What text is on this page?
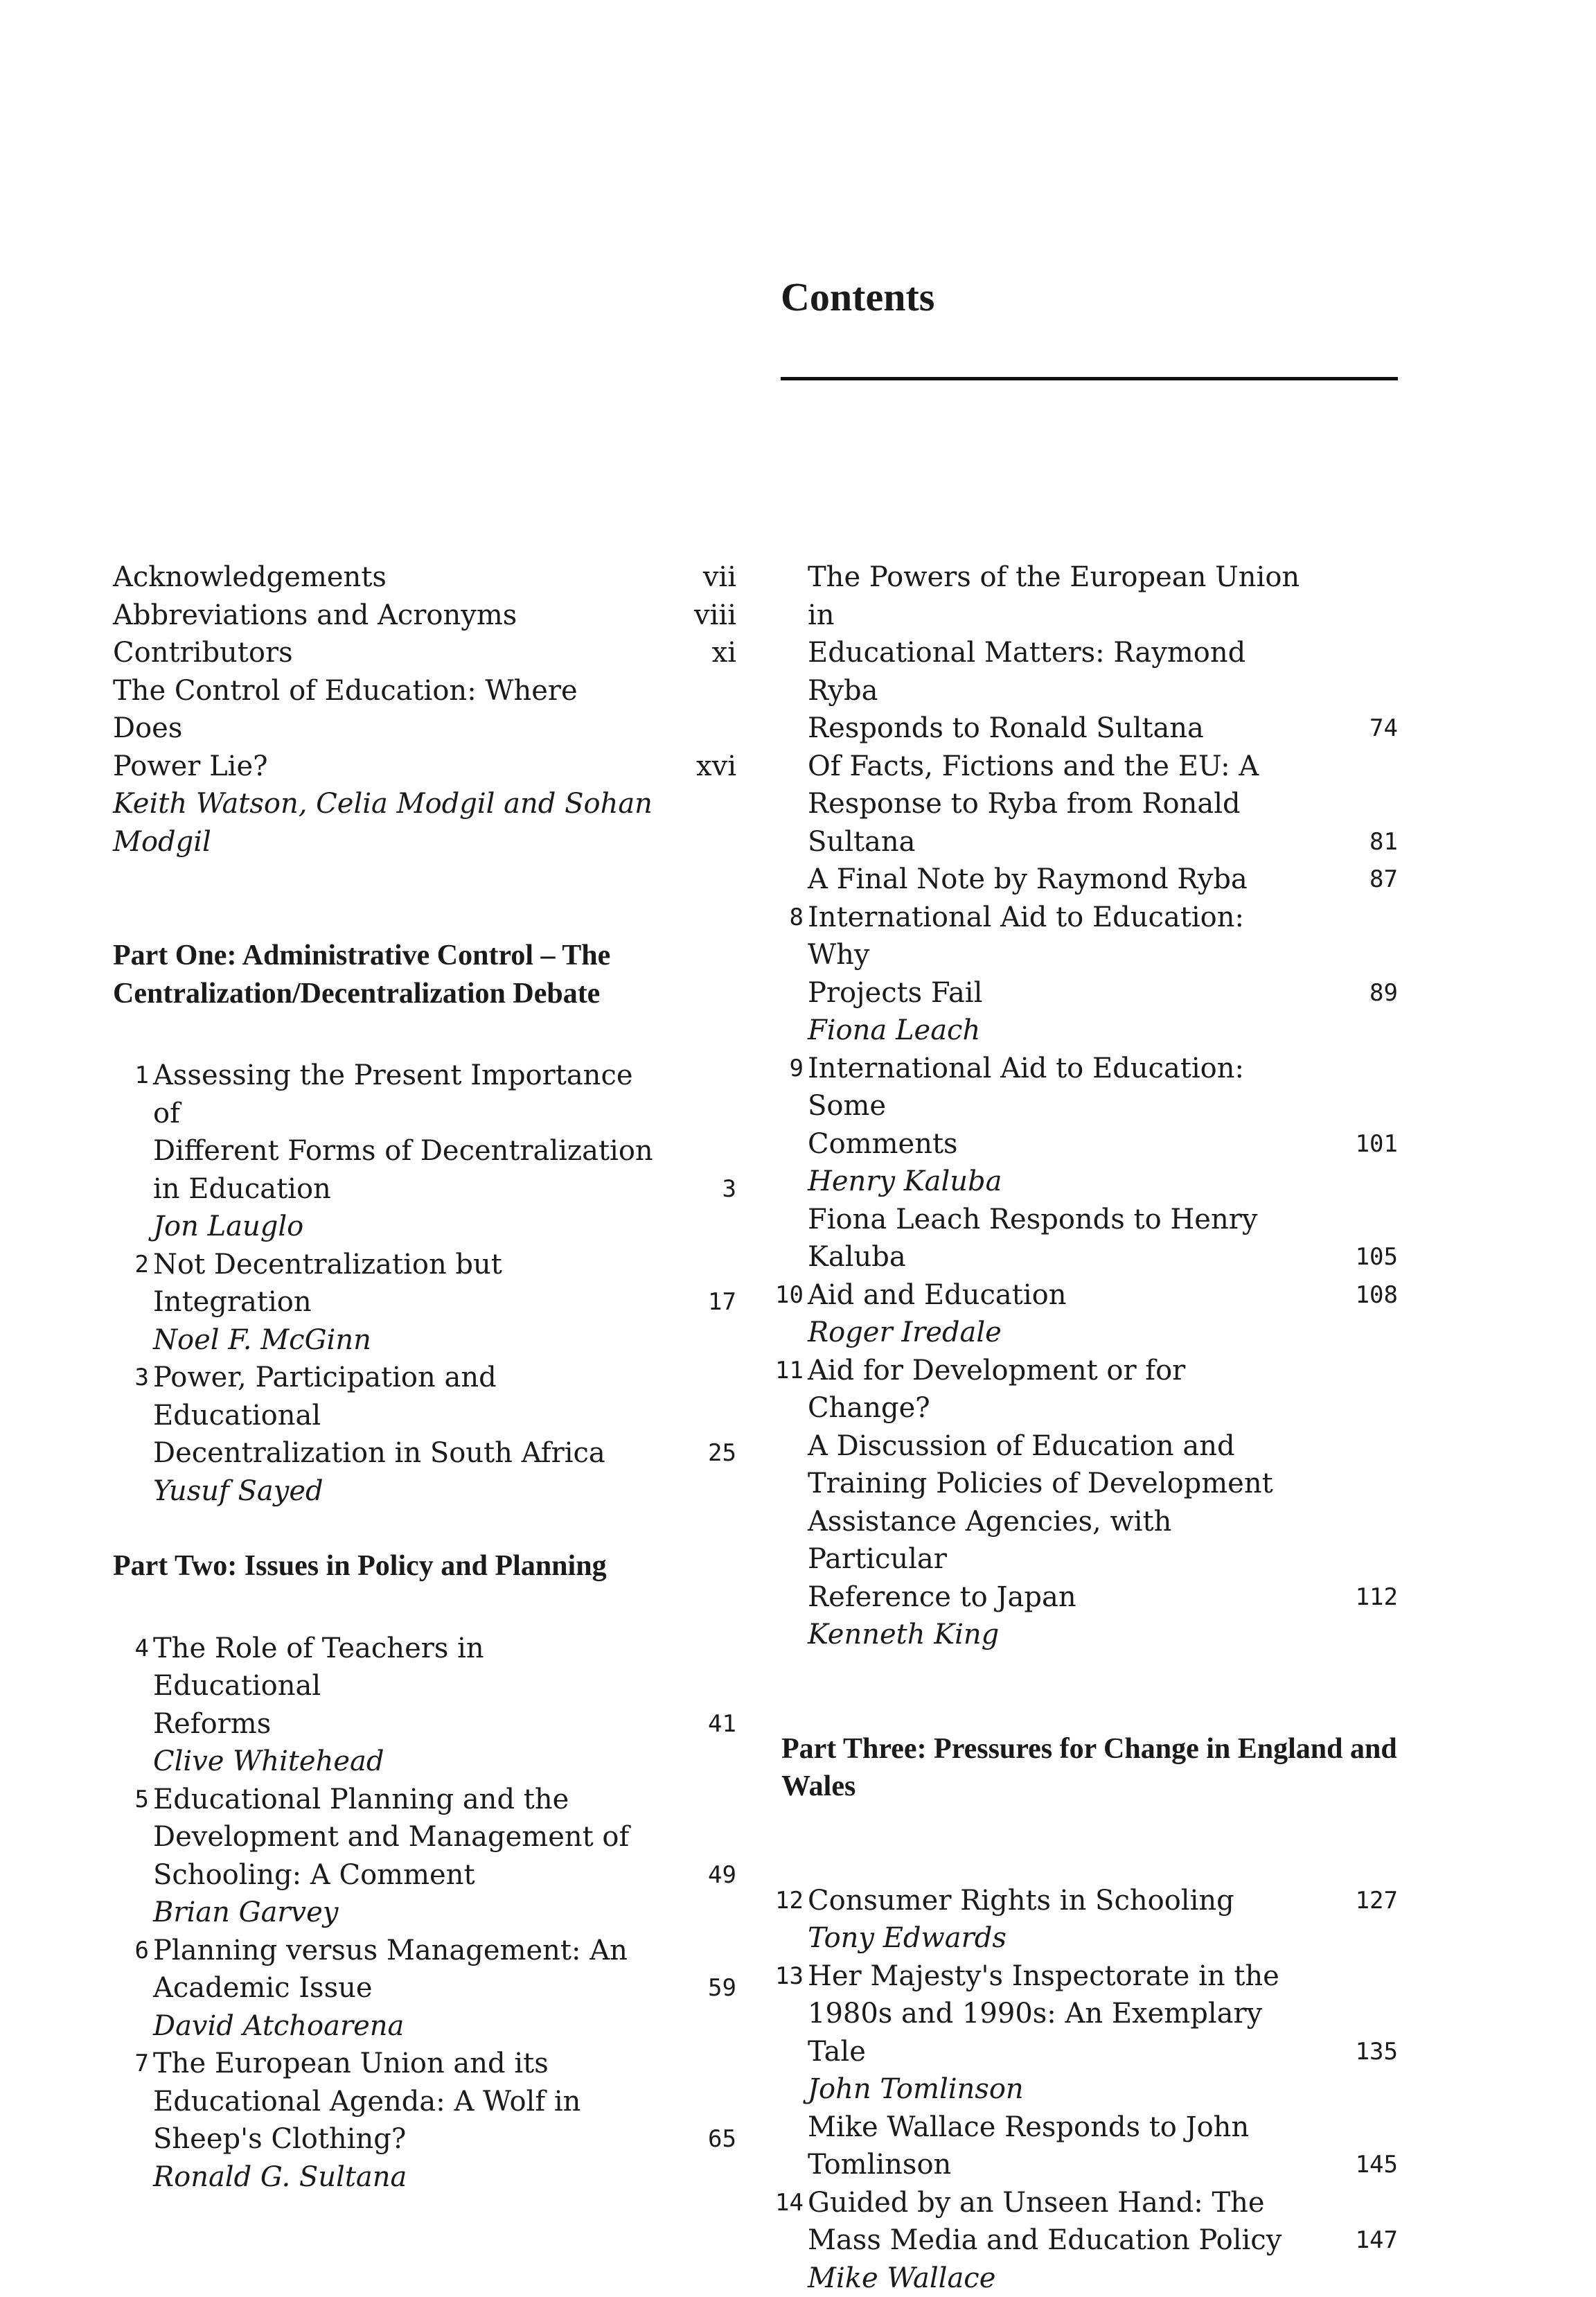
Contents
Acknowledgements	vii
Abbreviations and Acronyms	viii
Contributors	xi
The Control of Education: Where Does
Power Lie?	xvi
Keith Watson, Celia Modgil and Sohan
Modgil
Part One: Administrative Control – The
Centralization/Decentralization Debate
1 Assessing the Present Importance of
Different Forms of Decentralization
in Education	3
Jon Lauglo
2 Not Decentralization but Integration	17
Noel F. McGinn
3 Power, Participation and Educational
Decentralization in South Africa	25
Yusuf Sayed
Part Two: Issues in Policy and Planning
4 The Role of Teachers in Educational
Reforms	41
Clive Whitehead
5 Educational Planning and the
Development and Management of
Schooling: A Comment	49
Brian Garvey
6 Planning versus Management: An
Academic Issue	59
David Atchoarena
7 The European Union and its
Educational Agenda: A Wolf in
Sheep's Clothing?	65
Ronald G. Sultana
The Powers of the European Union in
Educational Matters: Raymond Ryba
Responds to Ronald Sultana	74
Of Facts, Fictions and the EU: A
Response to Ryba from Ronald
Sultana	81
A Final Note by Raymond Ryba	87
8 International Aid to Education: Why
Projects Fail	89
Fiona Leach
9 International Aid to Education: Some
Comments	101
Henry Kaluba
Fiona Leach Responds to Henry
Kaluba	105
10 Aid and Education	108
Roger Iredale
11 Aid for Development or for Change?
A Discussion of Education and
Training Policies of Development
Assistance Agencies, with Particular
Reference to Japan	112
Kenneth King
Part Three: Pressures for Change in England and
Wales
12 Consumer Rights in Schooling	127
Tony Edwards
13 Her Majesty's Inspectorate in the
1980s and 1990s: An Exemplary Tale	135
John Tomlinson
Mike Wallace Responds to John
Tomlinson	145
14 Guided by an Unseen Hand: The
Mass Media and Education Policy	147
Mike Wallace
